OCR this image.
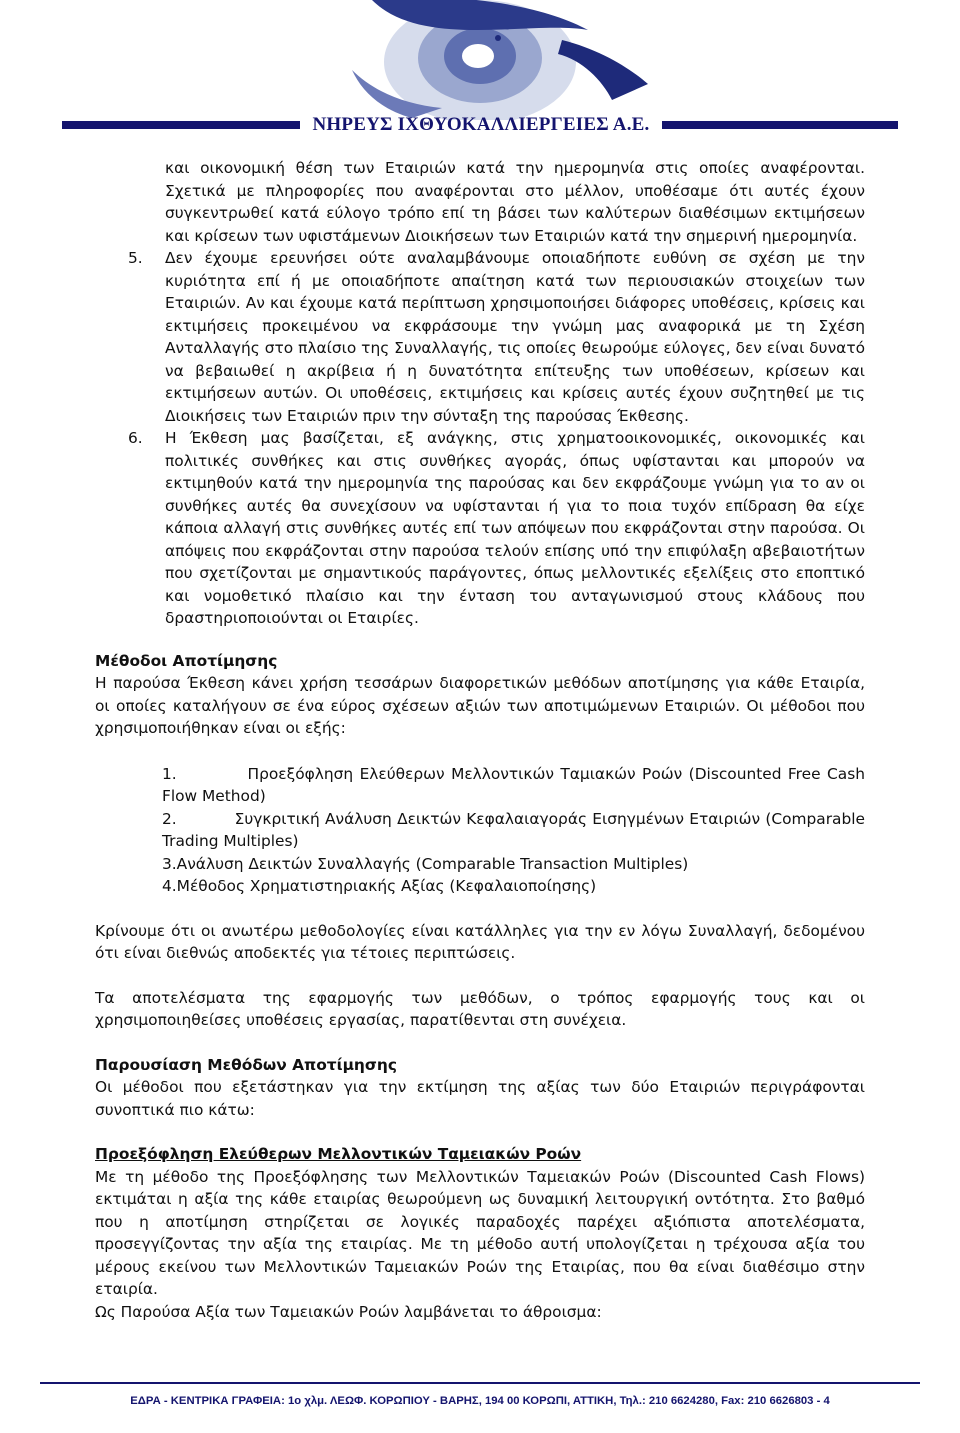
ΝΗΡΕΥΣ ΙΧΘΥΟΚΑΛΛΙΕΡΓΕΙΕΣ Α.Ε.

και οικονομική θέση των Εταιριών κατά την ημερομηνία στις οποίες αναφέρονται. Σχετικά με πληροφορίες που αναφέρονται στο μέλλον, υποθέσαμε ότι αυτές έχουν συγκεντρωθεί κατά εύλογο τρόπο επί τη βάσει των καλύτερων διαθέσιμων εκτιμήσεων και κρίσεων των υφιστάμενων Διοικήσεων των Εταιριών κατά την σημερινή ημερομηνία.

5. Δεν έχουμε ερευνήσει ούτε αναλαμβάνουμε οποιαδήποτε ευθύνη σε σχέση με την κυριότητα επί ή με οποιαδήποτε απαίτηση κατά των περιουσιακών στοιχείων των Εταιριών. Αν και έχουμε κατά περίπτωση χρησιμοποιήσει διάφορες υποθέσεις, κρίσεις και εκτιμήσεις προκειμένου να εκφράσουμε την γνώμη μας αναφορικά με τη Σχέση Ανταλλαγής στο πλαίσιο της Συναλλαγής, τις οποίες θεωρούμε εύλογες, δεν είναι δυνατό να βεβαιωθεί η ακρίβεια ή η δυνατότητα επίτευξης των υποθέσεων, κρίσεων και εκτιμήσεων αυτών. Οι υποθέσεις, εκτιμήσεις και κρίσεις αυτές έχουν συζητηθεί με τις Διοικήσεις των Εταιριών πριν την σύνταξη της παρούσας Έκθεσης.

6. Η Έκθεση μας βασίζεται, εξ ανάγκης, στις χρηματοοικονομικές, οικονομικές και πολιτικές συνθήκες και στις συνθήκες αγοράς, όπως υφίστανται και μπορούν να εκτιμηθούν κατά την ημερομηνία της παρούσας και δεν εκφράζουμε γνώμη για το αν οι συνθήκες αυτές θα συνεχίσουν να υφίστανται ή για το ποια τυχόν επίδραση θα είχε κάποια αλλαγή στις συνθήκες αυτές επί των απόψεων που εκφράζονται στην παρούσα. Οι απόψεις που εκφράζονται στην παρούσα τελούν επίσης υπό την επιφύλαξη αβεβαιοτήτων που σχετίζονται με σημαντικούς παράγοντες, όπως μελλοντικές εξελίξεις στο εποπτικό και νομοθετικό πλαίσιο και την ένταση του ανταγωνισμού στους κλάδους που δραστηριοποιούνται οι Εταιρίες.

Μέθοδοι Αποτίμησης

Η παρούσα Έκθεση κάνει χρήση τεσσάρων διαφορετικών μεθόδων αποτίμησης για κάθε Εταιρία, οι οποίες καταλήγουν σε ένα εύρος σχέσεων αξιών των αποτιμώμενων Εταιριών. Οι μέθοδοι που χρησιμοποιήθηκαν είναι οι εξής:

1.           Προεξόφληση Ελεύθερων Μελλοντικών Ταμιακών Ροών (Discounted Free Cash Flow Method)

2.           Συγκριτική Ανάλυση Δεικτών Κεφαλαιαγοράς Εισηγμένων Εταιριών (Comparable Trading Multiples)

3.Ανάλυση Δεικτών Συναλλαγής (Comparable Transaction Multiples)

4.Μέθοδος Χρηματιστηριακής Αξίας (Κεφαλαιοποίησης)

Κρίνουμε ότι οι ανωτέρω μεθοδολογίες είναι κατάλληλες για την εν λόγω Συναλλαγή, δεδομένου ότι είναι διεθνώς αποδεκτές για τέτοιες περιπτώσεις.

Τα αποτελέσματα της εφαρμογής των μεθόδων, ο τρόπος εφαρμογής τους και οι χρησιμοποιηθείσες υποθέσεις εργασίας, παρατίθενται στη συνέχεια.

Παρουσίαση Μεθόδων Αποτίμησης

Οι μέθοδοι που εξετάστηκαν για την εκτίμηση της αξίας των δύο Εταιριών περιγράφονται συνοπτικά πιο κάτω:

Προεξόφληση Ελεύθερων Μελλοντικών Ταμειακών Ροών

Με τη μέθοδο της Προεξόφλησης των Μελλοντικών Ταμειακών Ροών (Discounted Cash Flows) εκτιμάται η αξία της κάθε εταιρίας θεωρούμενη ως δυναμική λειτουργική οντότητα. Στο βαθμό που η αποτίμηση στηρίζεται σε λογικές παραδοχές παρέχει αξιόπιστα αποτελέσματα, προσεγγίζοντας την αξία της εταιρίας. Με τη μέθοδο αυτή υπολογίζεται η τρέχουσα αξία του μέρους εκείνου των Μελλοντικών Ταμειακών Ροών της Εταιρίας, που θα είναι διαθέσιμο στην εταιρία.

Ως Παρούσα Αξία των Ταμειακών Ροών λαμβάνεται το άθροισμα:

ΕΔΡΑ - ΚΕΝΤΡΙΚΑ ΓΡΑΦΕΙΑ: 1ο χλμ. ΛΕΩΦ. ΚΟΡΩΠΙΟΥ - ΒΑΡΗΣ, 194 00 ΚΟΡΩΠΙ, ΑΤΤΙΚΗ, Τηλ.: 210 6624280, Fax: 210 6626803 - 4
